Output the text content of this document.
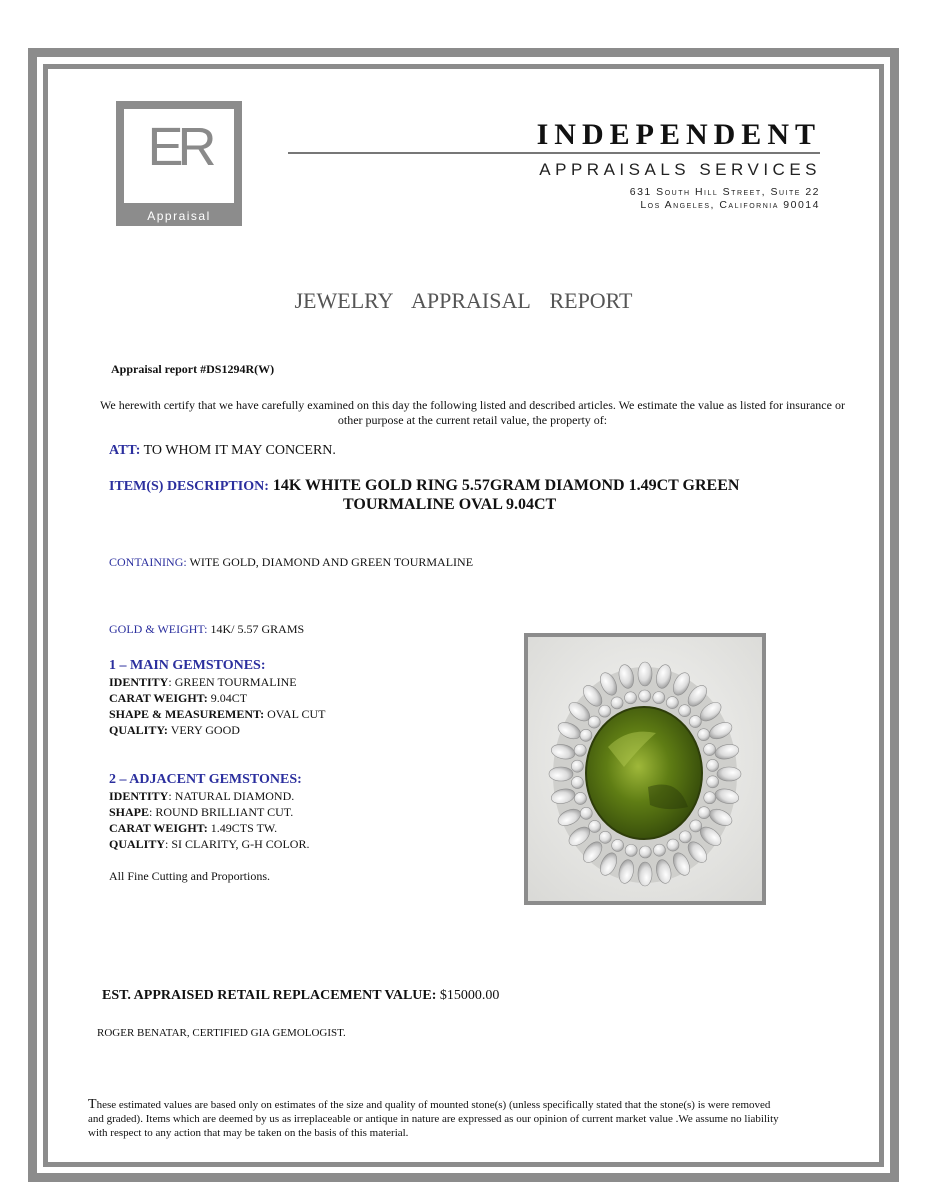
ER
Appraisal
INDEPENDENT
APPRAISALS SERVICES
631 South Hill Street, Suite 22
Los Angeles, California 90014
JEWELRY APPRAISAL REPORT
Appraisal report #DS1294R(W)
We herewith certify that we have carefully examined on this day the following listed and described articles. We estimate the value as listed for insurance or other purpose at the current retail value, the property of:
ATT: TO WHOM IT MAY CONCERN.
ITEM(S) DESCRIPTION: 14K WHITE GOLD RING 5.57GRAM DIAMOND 1.49CT GREEN
TOURMALINE OVAL 9.04CT
CONTAINING: WITE GOLD, DIAMOND AND GREEN TOURMALINE
GOLD & WEIGHT: 14K/ 5.57 GRAMS
1 – MAIN GEMSTONES:
IDENTITY: GREEN TOURMALINE
CARAT WEIGHT: 9.04CT
SHAPE & MEASUREMENT: OVAL CUT
QUALITY: VERY GOOD
2 – ADJACENT GEMSTONES:
IDENTITY: NATURAL DIAMOND.
SHAPE: ROUND BRILLIANT CUT.
CARAT WEIGHT: 1.49CTS TW.
QUALITY: SI CLARITY, G-H COLOR.
All Fine Cutting and Proportions.
EST. APPRAISED RETAIL REPLACEMENT VALUE: $15000.00
ROGER BENATAR, CERTIFIED GIA GEMOLOGIST.
These estimated values are based only on estimates of the size and quality of mounted stone(s) (unless specifically stated that the stone(s) is were removed and graded). Items which are deemed by us as irreplaceable or antique in nature are expressed as our opinion of current market value .We assume no liability with respect to any action that may be taken on the basis of this material.
